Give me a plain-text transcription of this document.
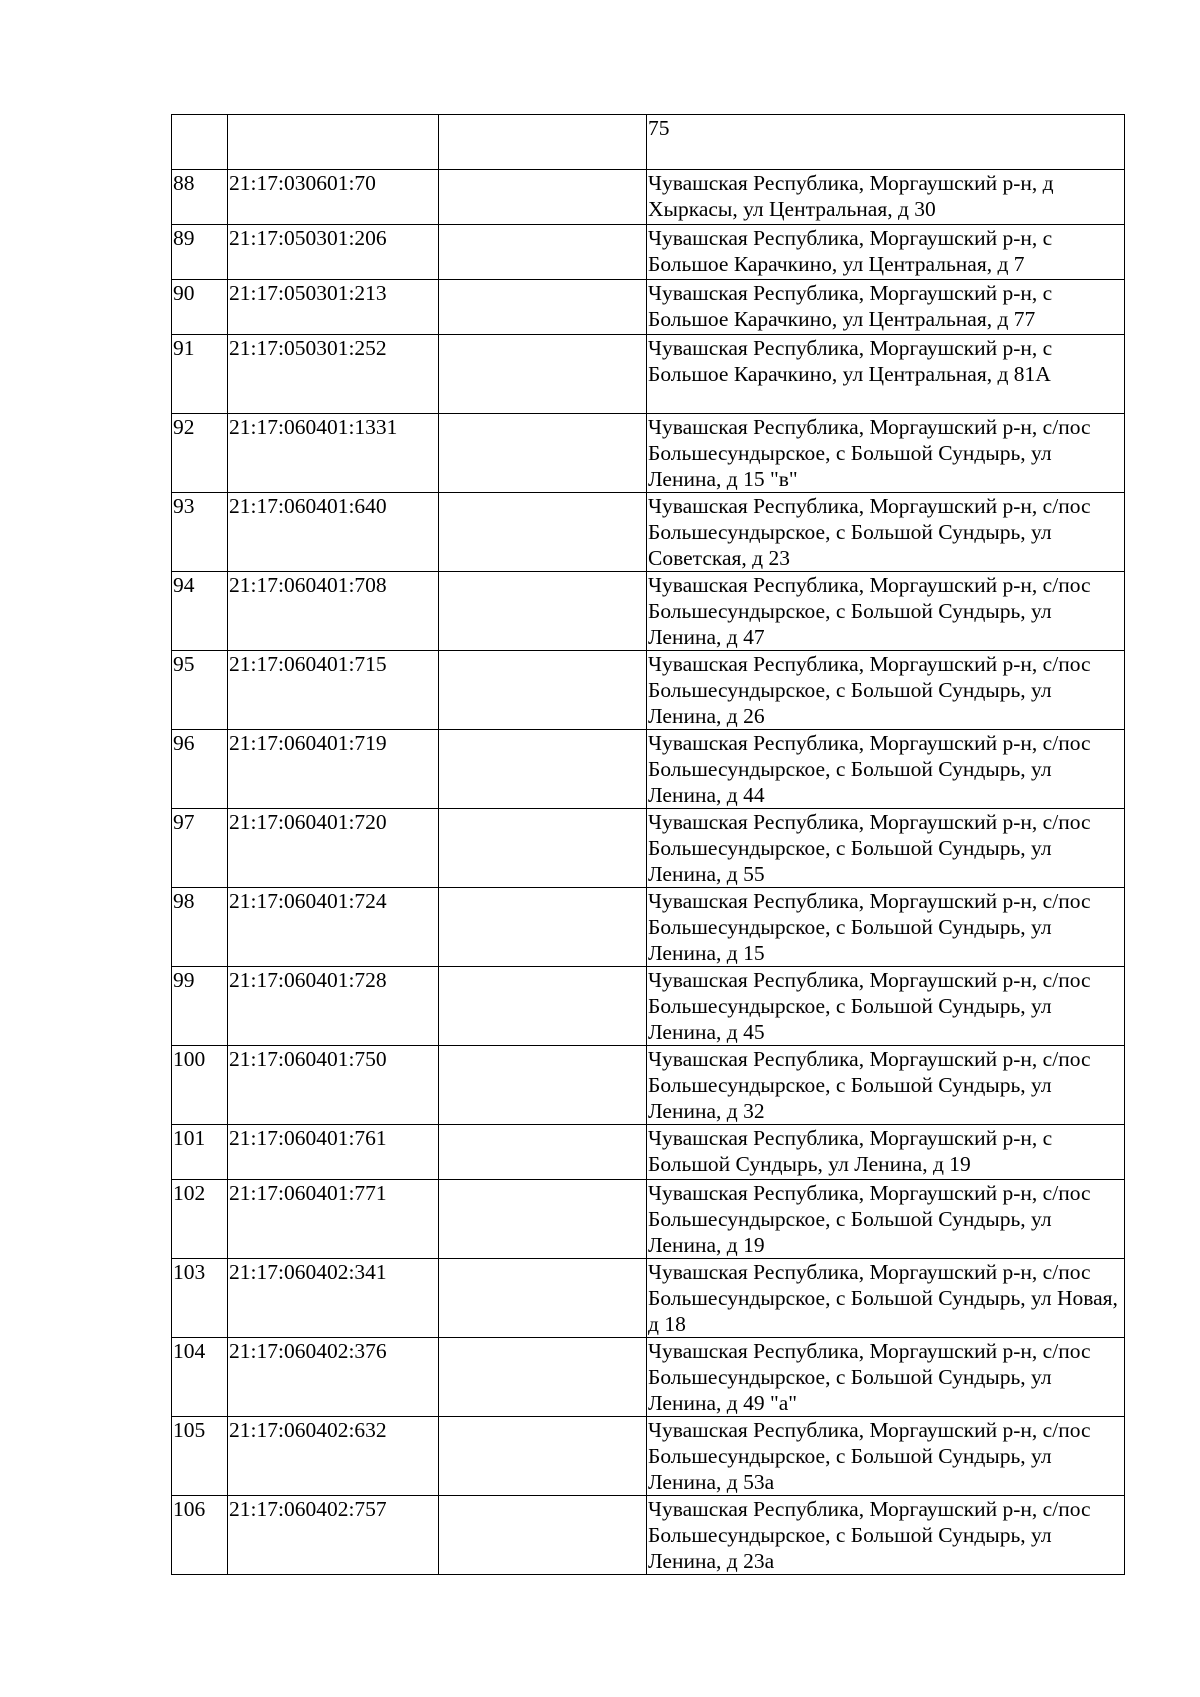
			75
88	21:17:030601:70		Чувашская Республика, Моргаушский р-н, д Хыркасы, ул Центральная, д 30
89	21:17:050301:206		Чувашская Республика, Моргаушский р-н, с Большое Карачкино, ул Центральная, д 7
90	21:17:050301:213		Чувашская Республика, Моргаушский р-н, с Большое Карачкино, ул Центральная, д 77
91	21:17:050301:252		Чувашская Республика, Моргаушский р-н, с Большое Карачкино, ул Центральная, д 81А
92	21:17:060401:1331		Чувашская Республика, Моргаушский р-н, с/пос Большесундырское, с Большой Сундырь, ул Ленина, д 15 "в"
93	21:17:060401:640		Чувашская Республика, Моргаушский р-н, с/пос Большесундырское, с Большой Сундырь, ул Советская, д 23
94	21:17:060401:708		Чувашская Республика, Моргаушский р-н, с/пос Большесундырское, с Большой Сундырь, ул Ленина, д 47
95	21:17:060401:715		Чувашская Республика, Моргаушский р-н, с/пос Большесундырское, с Большой Сундырь, ул Ленина, д 26
96	21:17:060401:719		Чувашская Республика, Моргаушский р-н, с/пос Большесундырское, с Большой Сундырь, ул Ленина, д 44
97	21:17:060401:720		Чувашская Республика, Моргаушский р-н, с/пос Большесундырское, с Большой Сундырь, ул Ленина, д 55
98	21:17:060401:724		Чувашская Республика, Моргаушский р-н, с/пос Большесундырское, с Большой Сундырь, ул Ленина, д 15
99	21:17:060401:728		Чувашская Республика, Моргаушский р-н, с/пос Большесундырское, с Большой Сундырь, ул Ленина, д 45
100	21:17:060401:750		Чувашская Республика, Моргаушский р-н, с/пос Большесундырское, с Большой Сундырь, ул Ленина, д 32
101	21:17:060401:761		Чувашская Республика, Моргаушский р-н, с Большой Сундырь, ул Ленина, д 19
102	21:17:060401:771		Чувашская Республика, Моргаушский р-н, с/пос Большесундырское, с Большой Сундырь, ул Ленина, д 19
103	21:17:060402:341		Чувашская Республика, Моргаушский р-н, с/пос Большесундырское, с Большой Сундырь, ул Новая, д 18
104	21:17:060402:376		Чувашская Республика, Моргаушский р-н, с/пос Большесундырское, с Большой Сундырь, ул Ленина, д 49 "а"
105	21:17:060402:632		Чувашская Республика, Моргаушский р-н, с/пос Большесундырское, с Большой Сундырь, ул Ленина, д 53а
106	21:17:060402:757		Чувашская Республика, Моргаушский р-н, с/пос Большесундырское, с Большой Сундырь, ул Ленина, д 23а
